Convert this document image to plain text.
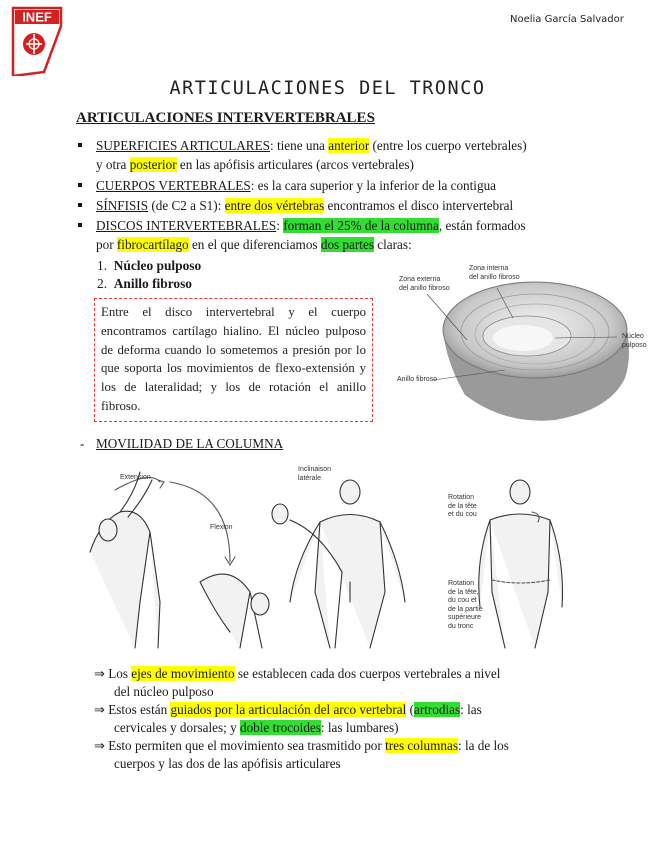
INEF	Noelia García Salvador
ARTICULACIONES DEL TRONCO
ARTICULACIONES INTERVERTEBRALES
SUPERFICIES ARTICULARES: tiene una anterior (entre los cuerpo vertebrales)
y otra posterior en las apófisis articulares (arcos vertebrales)
CUERPOS VERTEBRALES: es la cara superior y la inferior de la contigua
SÍNFISIS (de C2 a S1): entre dos vértebras encontramos el disco intervertebral
DISCOS INTERVERTEBRALES: forman el 25% de la columna, están formados
por fibrocartílago en el que diferenciamos dos partes claras:
1. Núcleo pulposo
2. Anillo fibroso
Entre el disco intervertebral y el cuerpo encontramos cartílago hialino. El núcleo pulposo de deforma cuando lo sometemos a presión por lo que soporta los movimientos de flexo-extensión y los de lateralidad; y los de rotación el anillo fibroso.
Zona externa
del anillo fibroso
Zona interna
del anillo fibroso
Núcleo
pulposo
Anillo fibroso
- MOVILIDAD DE LA COLUMNA
Extension
Flexion
Inclinaison
latérale
Rotation
de la tête
et du cou
Rotation
de la tête,
du cou et
de la partie
supérieure
du tronc
⇒ Los ejes de movimiento se establecen cada dos cuerpos vertebrales a nivel
del núcleo pulposo
⇒ Estos están guiados por la articulación del arco vertebral (artrodias: las
cervicales y dorsales; y doble trocoides: las lumbares)
⇒ Esto permiten que el movimiento sea trasmitido por tres columnas: la de los
cuerpos y las dos de las apófisis articulares
